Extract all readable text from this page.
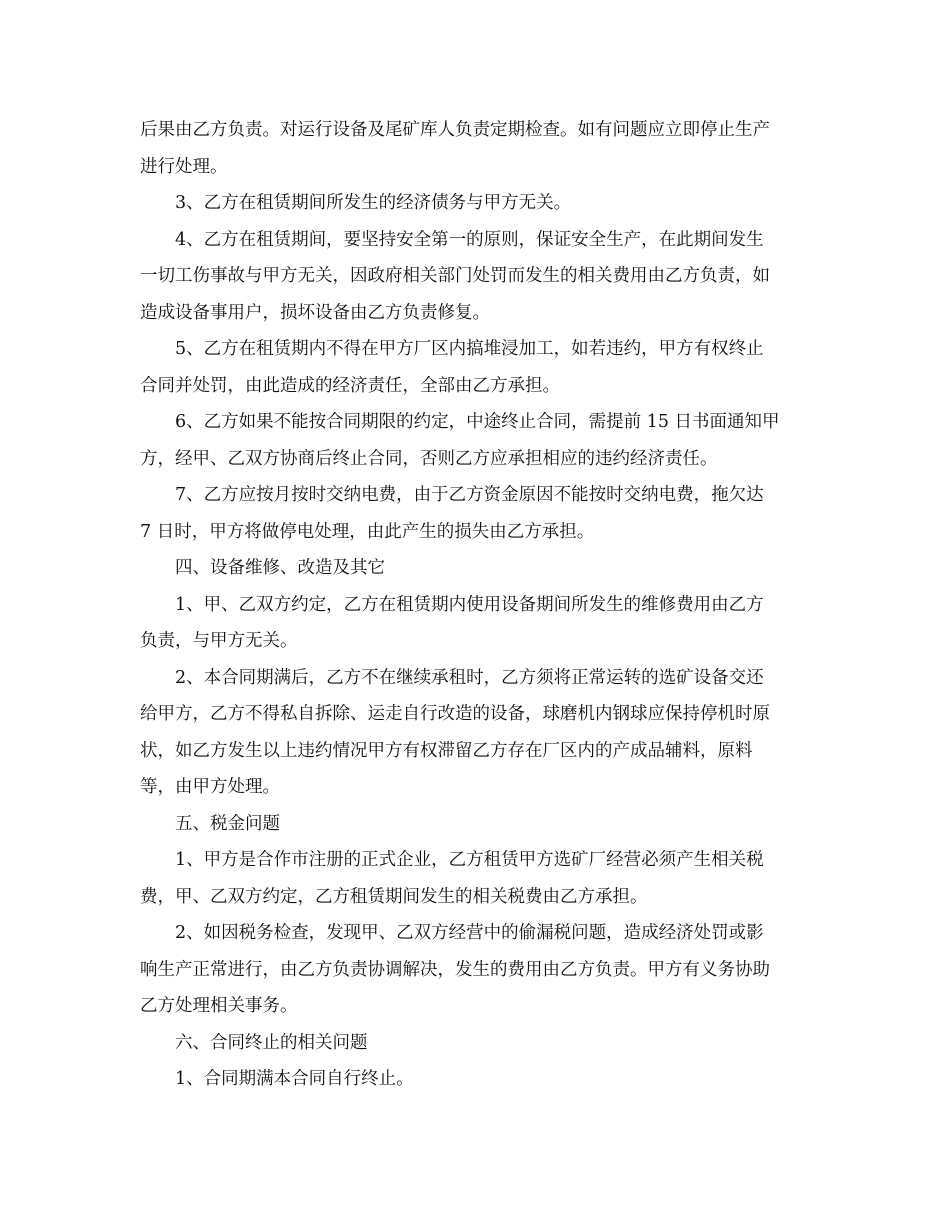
后果由乙方负责。对运行设备及尾矿库人负责定期检查。如有问题应立即停止生产
进行处理。
3、乙方在租赁期间所发生的经济债务与甲方无关。
4、乙方在租赁期间，要坚持安全第一的原则，保证安全生产，在此期间发生
一切工伤事故与甲方无关，因政府相关部门处罚而发生的相关费用由乙方负责，如
造成设备事用户，损坏设备由乙方负责修复。
5、乙方在租赁期内不得在甲方厂区内搞堆浸加工，如若违约，甲方有权终止
合同并处罚，由此造成的经济责任，全部由乙方承担。
6、乙方如果不能按合同期限的约定，中途终止合同，需提前 15 日书面通知甲
方，经甲、乙双方协商后终止合同，否则乙方应承担相应的违约经济责任。
7、乙方应按月按时交纳电费，由于乙方资金原因不能按时交纳电费，拖欠达
7 日时，甲方将做停电处理，由此产生的损失由乙方承担。
四、设备维修、改造及其它
1、甲、乙双方约定，乙方在租赁期内使用设备期间所发生的维修费用由乙方
负责，与甲方无关。
2、本合同期满后，乙方不在继续承租时，乙方须将正常运转的选矿设备交还
给甲方，乙方不得私自拆除、运走自行改造的设备，球磨机内钢球应保持停机时原
状，如乙方发生以上违约情况甲方有权滞留乙方存在厂区内的产成品辅料，原料
等，由甲方处理。
五、税金问题
1、甲方是合作市注册的正式企业，乙方租赁甲方选矿厂经营必须产生相关税
费，甲、乙双方约定，乙方租赁期间发生的相关税费由乙方承担。
2、如因税务检查，发现甲、乙双方经营中的偷漏税问题，造成经济处罚或影
响生产正常进行，由乙方负责协调解决，发生的费用由乙方负责。甲方有义务协助
乙方处理相关事务。
六、合同终止的相关问题
1、合同期满本合同自行终止。
